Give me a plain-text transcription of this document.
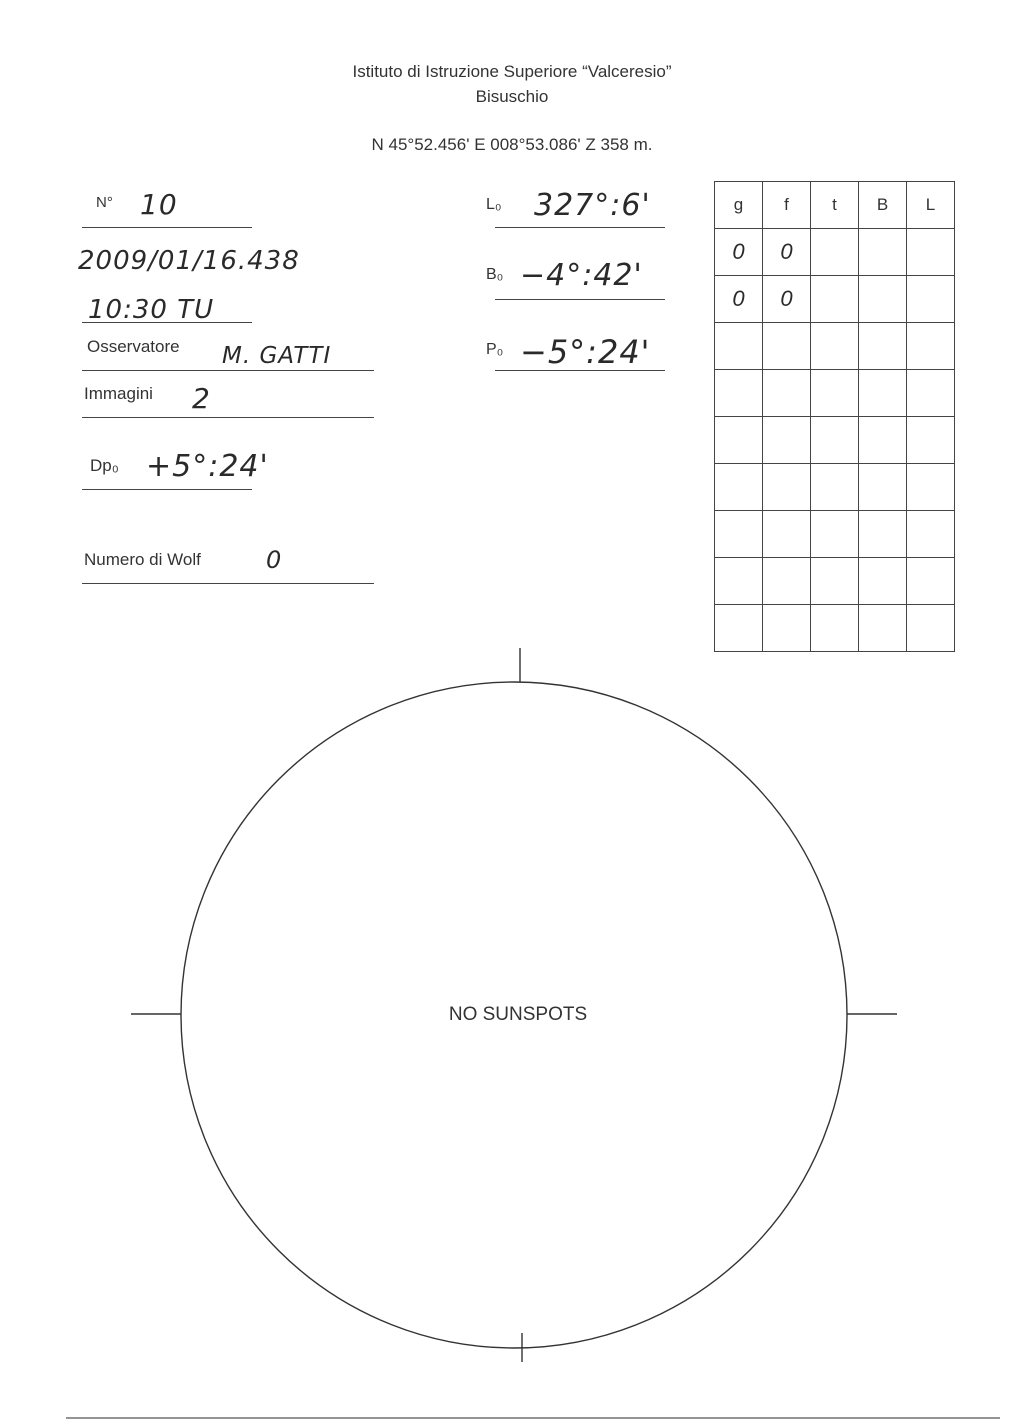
Istituto di Istruzione Superiore “Valceresio”
Bisuschio
N 45°52.456' E 008°53.086' Z 358 m.
N° 10
2009/01/16.438
10:30 TU
Osservatore M. GATTI
Immagini 2
Dp₀ +5°:24'
Numero di Wolf	0
L₀ 327°:6'
B₀ −4°:42'
P₀ −5°:24'
g	f	t	B	L
0	0			
0	0			

NO SUNSPOTS
